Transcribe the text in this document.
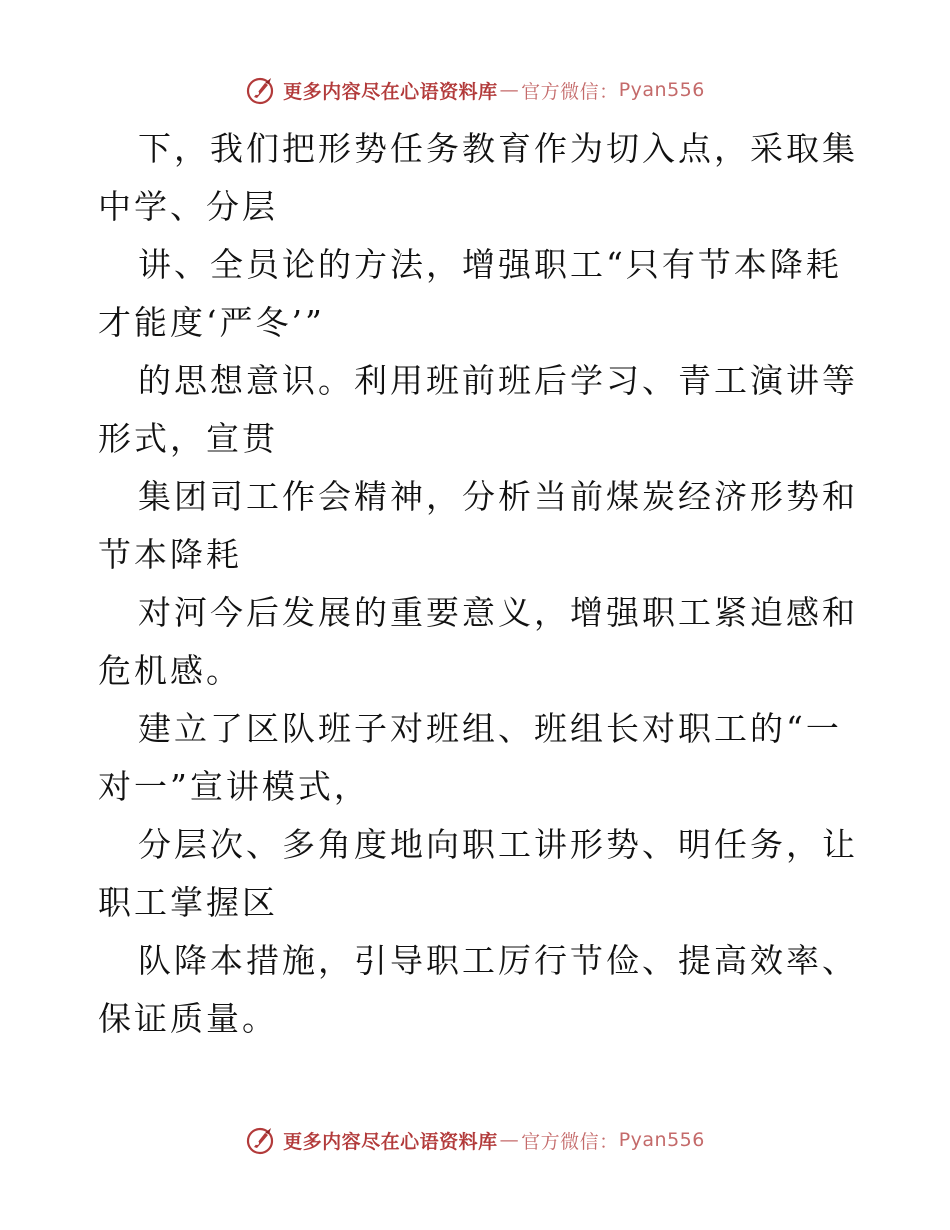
更多内容尽在心语资料库 — 官方微信： Pyan556

下，我们把形势任务教育作为切入点，采取集中学、分层

讲、全员论的方法，增强职工“只有节本降耗才能度‘严冬’”

的思想意识。利用班前班后学习、青工演讲等形式，宣贯

集团司工作会精神，分析当前煤炭经济形势和节本降耗

对河今后发展的重要意义，增强职工紧迫感和危机感。

建立了区队班子对班组、班组长对职工的“一对一”宣讲模式，

分层次、多角度地向职工讲形势、明任务，让职工掌握区

队降本措施，引导职工厉行节俭、提高效率、保证质量。

更多内容尽在心语资料库 — 官方微信： Pyan556
